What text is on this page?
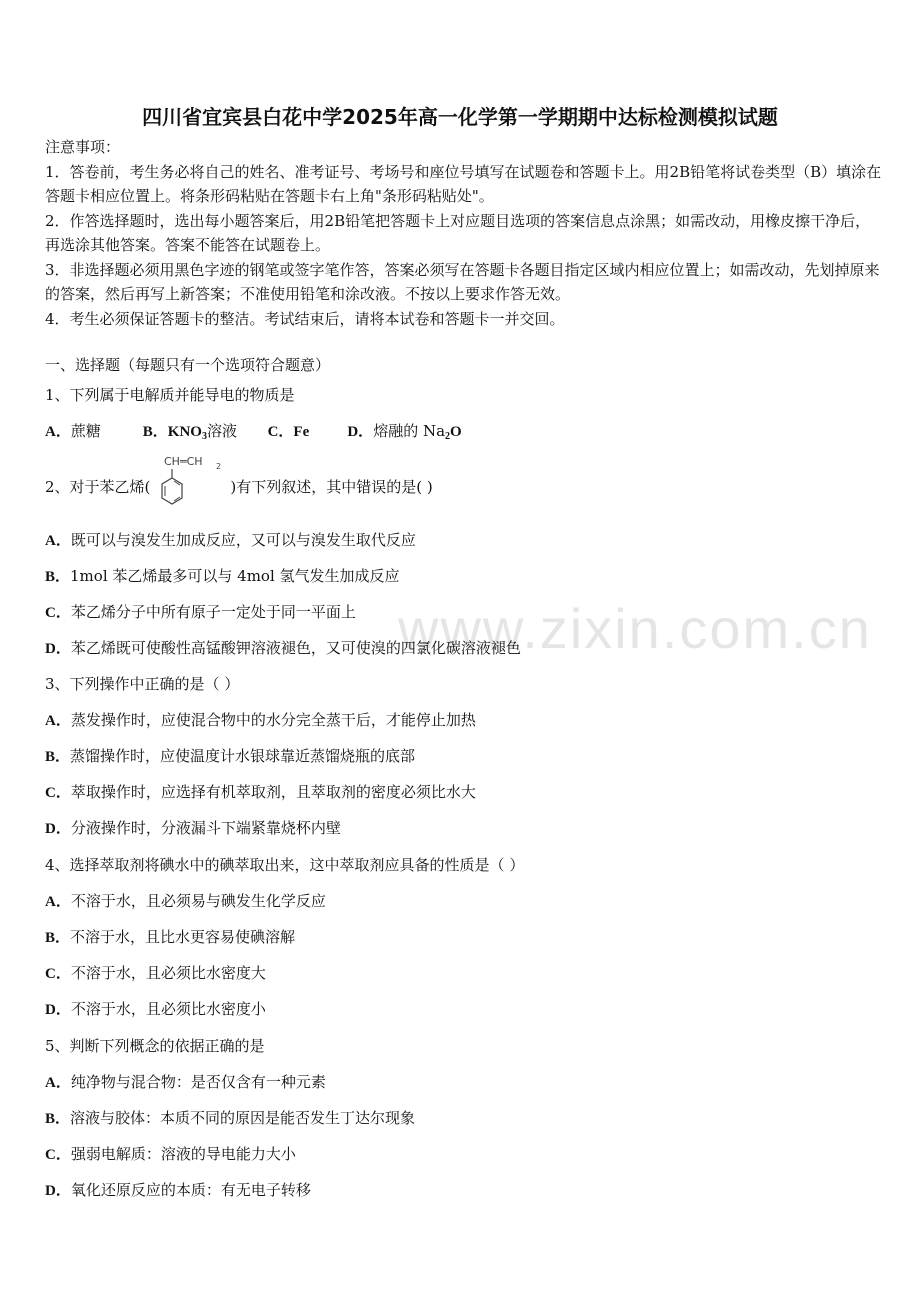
四川省宜宾县白花中学2025年高一化学第一学期期中达标检测模拟试题
注意事项：
1．答卷前，考生务必将自己的姓名、准考证号、考场号和座位号填写在试题卷和答题卡上。用2B铅笔将试卷类型（B）填涂在答题卡相应位置上。将条形码粘贴在答题卡右上角"条形码粘贴处"。
2．作答选择题时，选出每小题答案后，用2B铅笔把答题卡上对应题目选项的答案信息点涂黑；如需改动，用橡皮擦干净后，再选涂其他答案。答案不能答在试题卷上。
3．非选择题必须用黑色字迹的钢笔或签字笔作答，答案必须写在答题卡各题目指定区域内相应位置上；如需改动，先划掉原来的答案，然后再写上新答案；不准使用铅笔和涂改液。不按以上要求作答无效。
4．考生必须保证答题卡的整洁。考试结束后，请将本试卷和答题卡一并交回。
一、选择题（每题只有一个选项符合题意）
1、下列属于电解质并能导电的物质是
A．蔗糖	B．$KNO_3$溶液 C．Fe	D．熔融的 $Na_2O$
2、对于苯乙烯(	)有下列叙述，其中错误的是( )
CH═CH 2
A．既可以与溴发生加成反应，又可以与溴发生取代反应
B．1mol 苯乙烯最多可以与 4mol 氢气发生加成反应
C．苯乙烯分子中所有原子一定处于同一平面上
D．苯乙烯既可使酸性高锰酸钾溶液褪色，又可使溴的四氯化碳溶液褪色
3、下列操作中正确的是（ ）
A．蒸发操作时，应使混合物中的水分完全蒸干后，才能停止加热
B．蒸馏操作时，应使温度计水银球靠近蒸馏烧瓶的底部
C．萃取操作时，应选择有机萃取剂，且萃取剂的密度必须比水大
D．分液操作时，分液漏斗下端紧靠烧杯内壁
4、选择萃取剂将碘水中的碘萃取出来，这中萃取剂应具备的性质是（ ）
A．不溶于水，且必须易与碘发生化学反应
B．不溶于水，且比水更容易使碘溶解
C．不溶于水，且必须比水密度大
D．不溶于水，且必须比水密度小
5、判断下列概念的依据正确的是
A．纯净物与混合物：是否仅含有一种元素
B．溶液与胶体：本质不同的原因是能否发生丁达尔现象
C．强弱电解质：溶液的导电能力大小
D．氧化还原反应的本质：有无电子转移
www.zixin.com.cn
